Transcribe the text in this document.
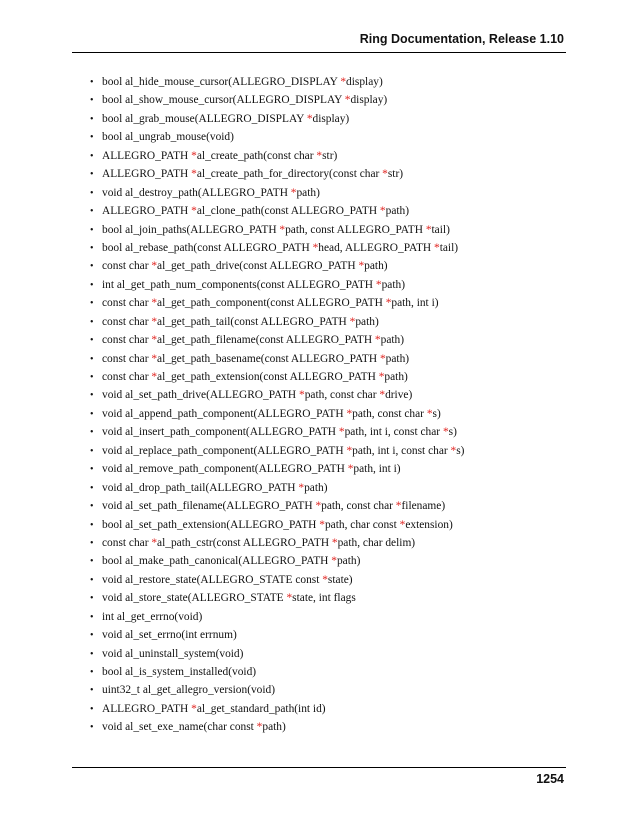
Ring Documentation, Release 1.10
• bool al_hide_mouse_cursor(ALLEGRO_DISPLAY *display)
• bool al_show_mouse_cursor(ALLEGRO_DISPLAY *display)
• bool al_grab_mouse(ALLEGRO_DISPLAY *display)
• bool al_ungrab_mouse(void)
• ALLEGRO_PATH *al_create_path(const char *str)
• ALLEGRO_PATH *al_create_path_for_directory(const char *str)
• void al_destroy_path(ALLEGRO_PATH *path)
• ALLEGRO_PATH *al_clone_path(const ALLEGRO_PATH *path)
• bool al_join_paths(ALLEGRO_PATH *path, const ALLEGRO_PATH *tail)
• bool al_rebase_path(const ALLEGRO_PATH *head, ALLEGRO_PATH *tail)
• const char *al_get_path_drive(const ALLEGRO_PATH *path)
• int al_get_path_num_components(const ALLEGRO_PATH *path)
• const char *al_get_path_component(const ALLEGRO_PATH *path, int i)
• const char *al_get_path_tail(const ALLEGRO_PATH *path)
• const char *al_get_path_filename(const ALLEGRO_PATH *path)
• const char *al_get_path_basename(const ALLEGRO_PATH *path)
• const char *al_get_path_extension(const ALLEGRO_PATH *path)
• void al_set_path_drive(ALLEGRO_PATH *path, const char *drive)
• void al_append_path_component(ALLEGRO_PATH *path, const char *s)
• void al_insert_path_component(ALLEGRO_PATH *path, int i, const char *s)
• void al_replace_path_component(ALLEGRO_PATH *path, int i, const char *s)
• void al_remove_path_component(ALLEGRO_PATH *path, int i)
• void al_drop_path_tail(ALLEGRO_PATH *path)
• void al_set_path_filename(ALLEGRO_PATH *path, const char *filename)
• bool al_set_path_extension(ALLEGRO_PATH *path, char const *extension)
• const char *al_path_cstr(const ALLEGRO_PATH *path, char delim)
• bool al_make_path_canonical(ALLEGRO_PATH *path)
• void al_restore_state(ALLEGRO_STATE const *state)
• void al_store_state(ALLEGRO_STATE *state, int flags
• int al_get_errno(void)
• void al_set_errno(int errnum)
• void al_uninstall_system(void)
• bool al_is_system_installed(void)
• uint32_t al_get_allegro_version(void)
• ALLEGRO_PATH *al_get_standard_path(int id)
• void al_set_exe_name(char const *path)
1254
